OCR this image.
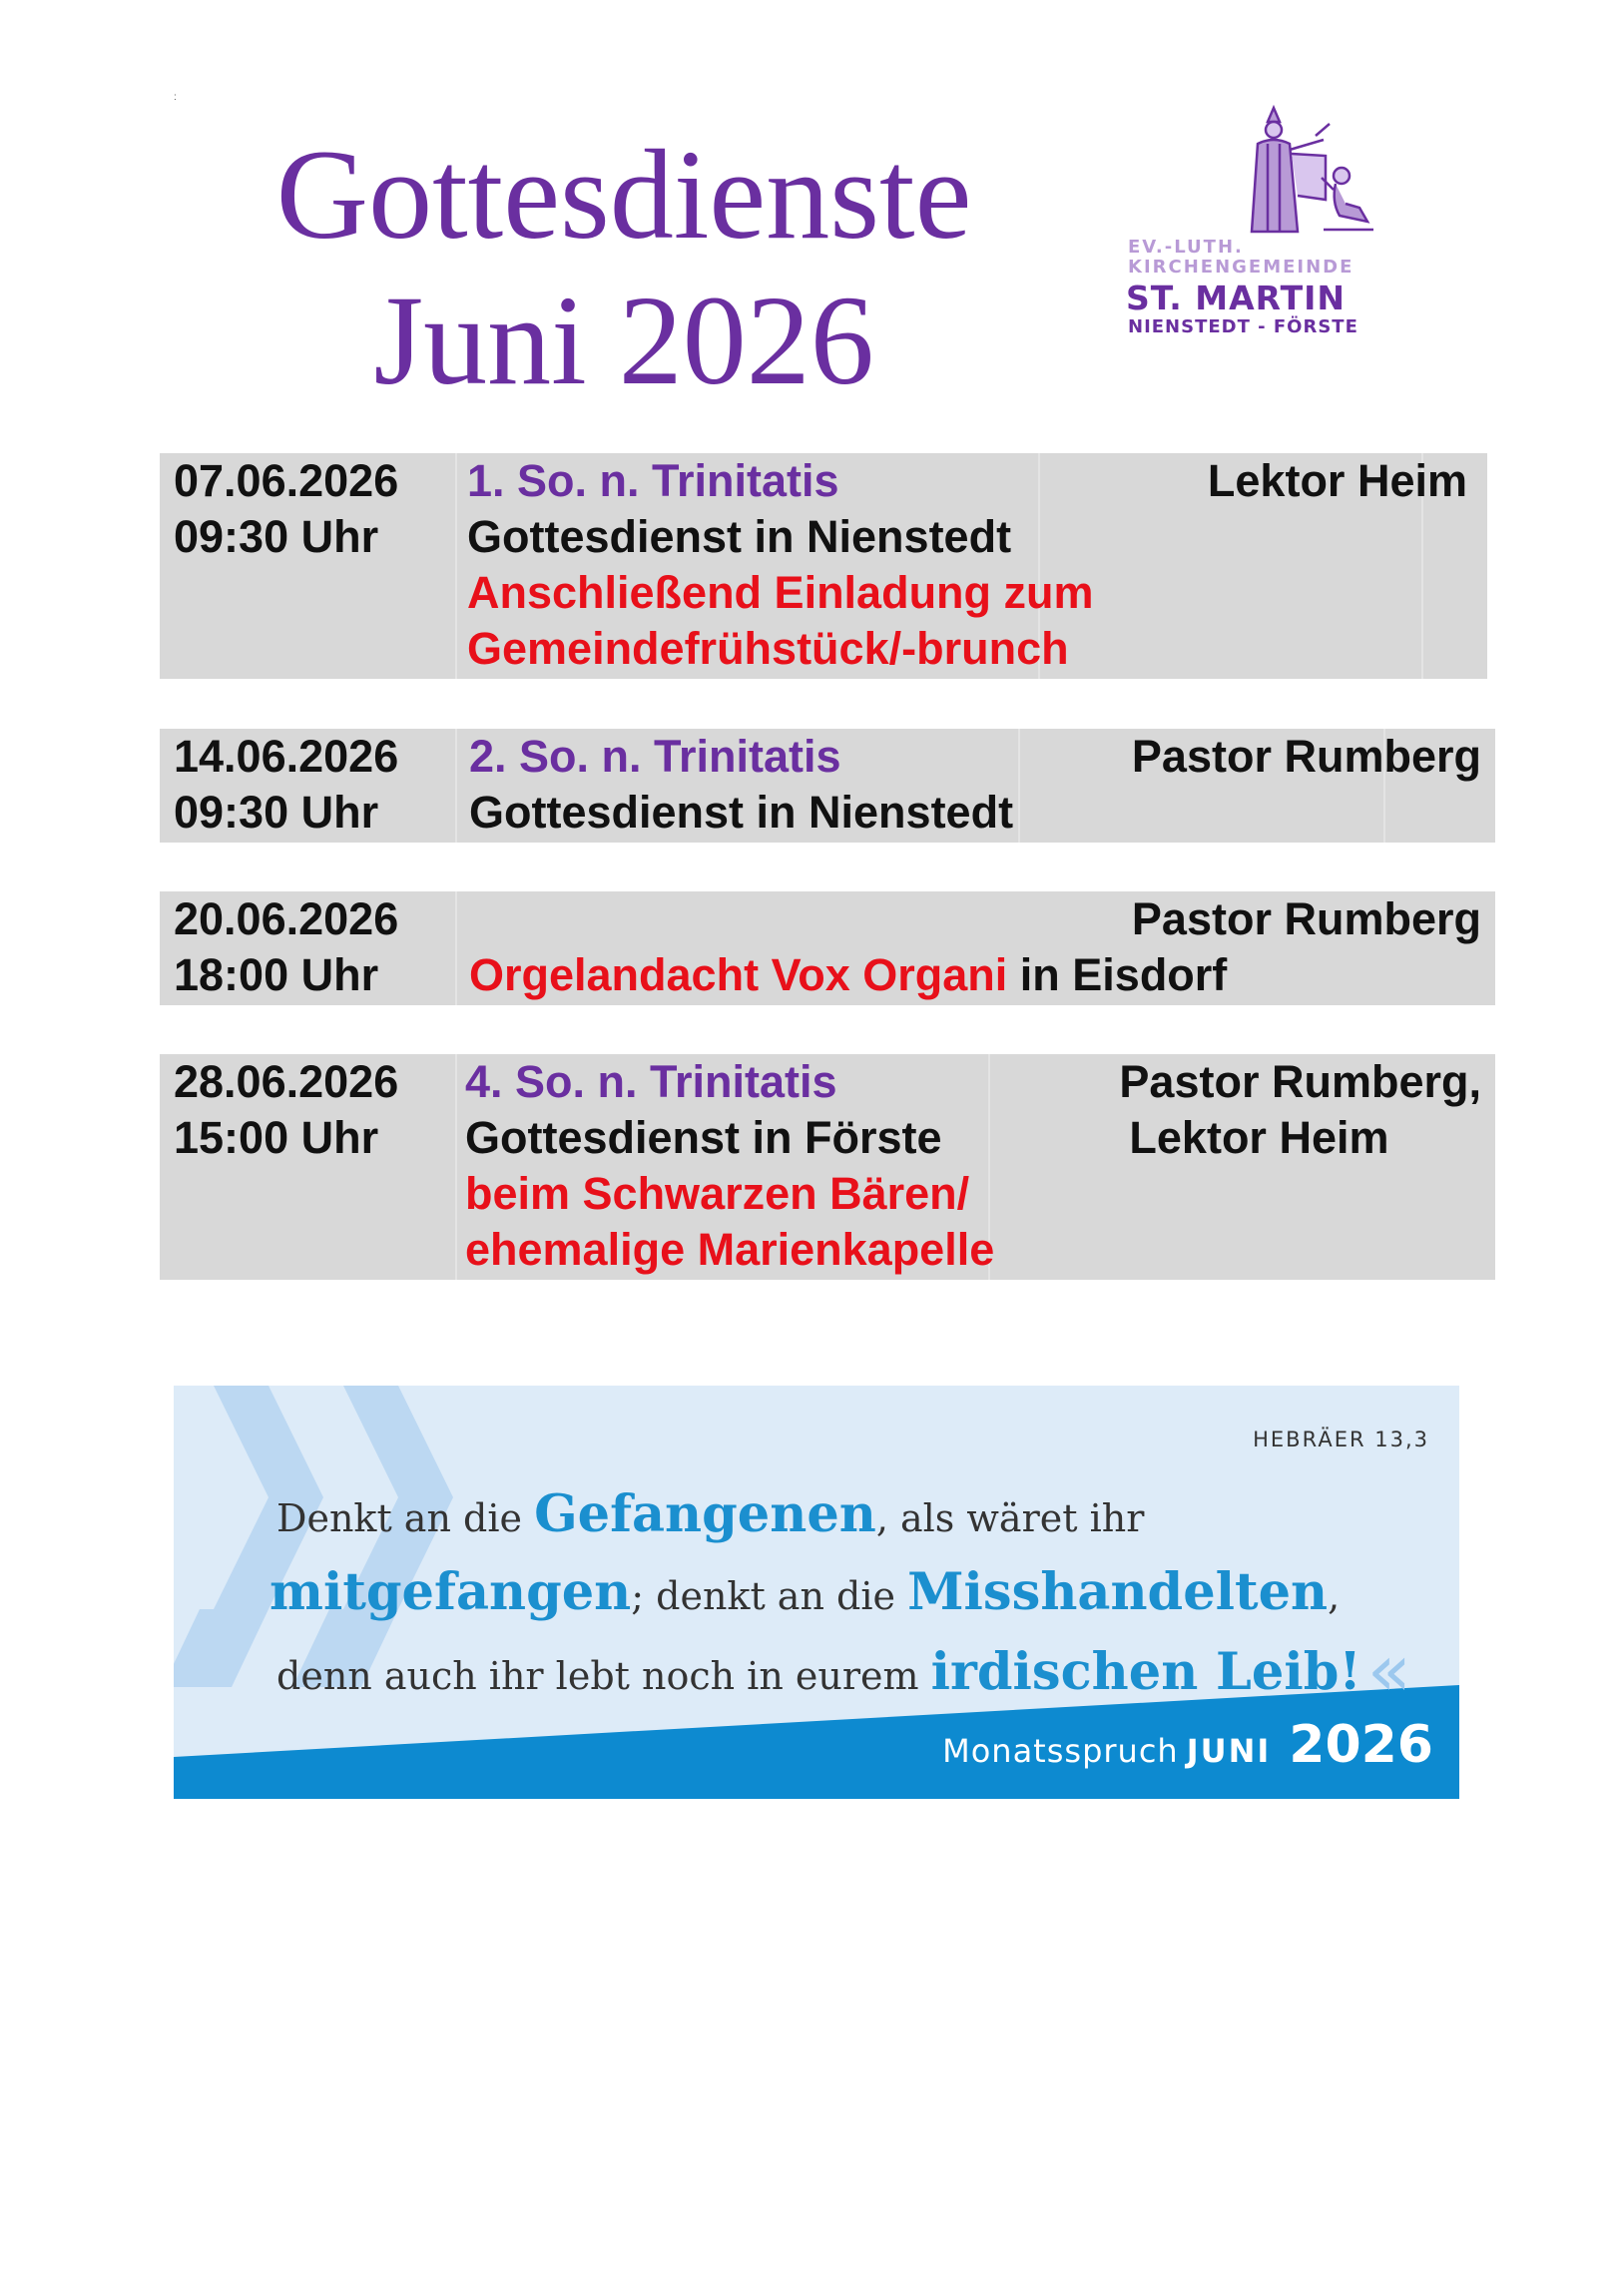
:
Gottesdienste
Juni 2026
EV.-LUTH.
KIRCHENGEMEINDE
ST. MARTIN
NIENSTEDT - FÖRSTE
07.06.2026
09:30 Uhr
1. So. n. Trinitatis
Gottesdienst in Nienstedt
Anschließend Einladung zum
Gemeindefrühstück/-brunch
Lektor Heim
14.06.2026
09:30 Uhr
2. So. n. Trinitatis
Gottesdienst in Nienstedt
Pastor Rumberg
20.06.2026
18:00 Uhr	Orgelandacht Vox Organi in Eisdorf
Pastor Rumberg
28.06.2026
15:00 Uhr
4. So. n. Trinitatis
Gottesdienst in Förste
beim Schwarzen Bären/
ehemalige Marienkapelle
Pastor Rumberg,
Lektor Heim
HEBRÄER 13,3
Denkt an die Gefangenen, als wäret ihr
mitgefangen; denkt an die Misshandelten,
denn auch ihr lebt noch in eurem irdischen Leib!«
Monatsspruch JUNI 2026
